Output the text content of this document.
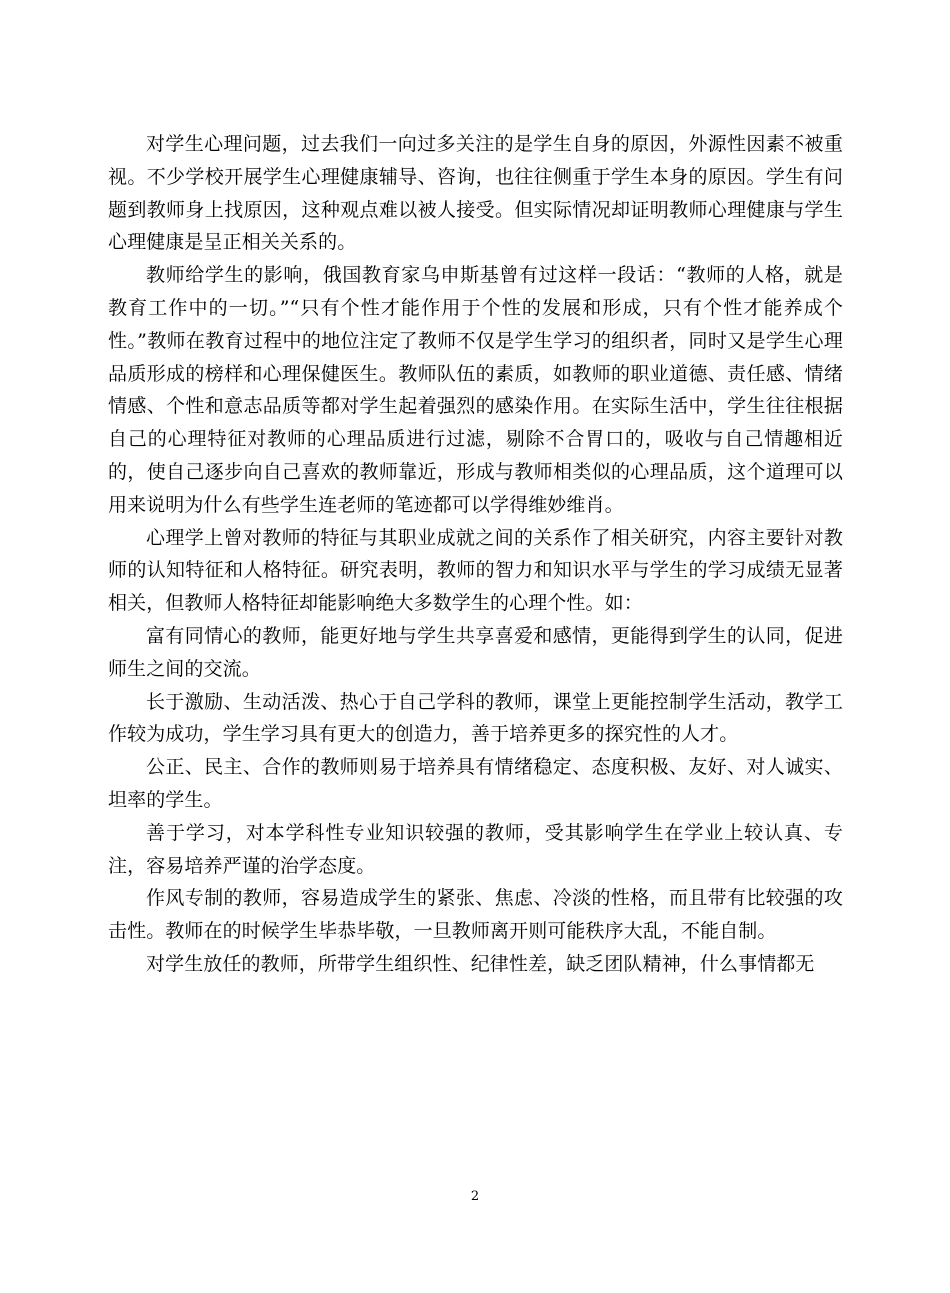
对学生心理问题，过去我们一向过多关注的是学生自身的原因，外源性因素不被重视。不少学校开展学生心理健康辅导、咨询，也往往侧重于学生本身的原因。学生有问题到教师身上找原因，这种观点难以被人接受。但实际情况却证明教师心理健康与学生心理健康是呈正相关关系的。

教师给学生的影响，俄国教育家乌申斯基曾有过这样一段话：“教师的人格，就是教育工作中的一切。”“只有个性才能作用于个性的发展和形成，只有个性才能养成个性。”教师在教育过程中的地位注定了教师不仅是学生学习的组织者，同时又是学生心理品质形成的榜样和心理保健医生。教师队伍的素质，如教师的职业道德、责任感、情绪情感、个性和意志品质等都对学生起着强烈的感染作用。在实际生活中，学生往往根据自己的心理特征对教师的心理品质进行过滤，剔除不合胃口的，吸收与自己情趣相近的，使自己逐步向自己喜欢的教师靠近，形成与教师相类似的心理品质，这个道理可以用来说明为什么有些学生连老师的笔迹都可以学得维妙维肖。

心理学上曾对教师的特征与其职业成就之间的关系作了相关研究，内容主要针对教师的认知特征和人格特征。研究表明，教师的智力和知识水平与学生的学习成绩无显著相关，但教师人格特征却能影响绝大多数学生的心理个性。如：

富有同情心的教师，能更好地与学生共享喜爱和感情，更能得到学生的认同，促进师生之间的交流。

长于激励、生动活泼、热心于自己学科的教师，课堂上更能控制学生活动，教学工作较为成功，学生学习具有更大的创造力，善于培养更多的探究性的人才。

公正、民主、合作的教师则易于培养具有情绪稳定、态度积极、友好、对人诚实、坦率的学生。

善于学习，对本学科性专业知识较强的教师，受其影响学生在学业上较认真、专注，容易培养严谨的治学态度。

作风专制的教师，容易造成学生的紧张、焦虑、冷淡的性格，而且带有比较强的攻击性。教师在的时候学生毕恭毕敬，一旦教师离开则可能秩序大乱，不能自制。

对学生放任的教师，所带学生组织性、纪律性差，缺乏团队精神，什么事情都无

2
